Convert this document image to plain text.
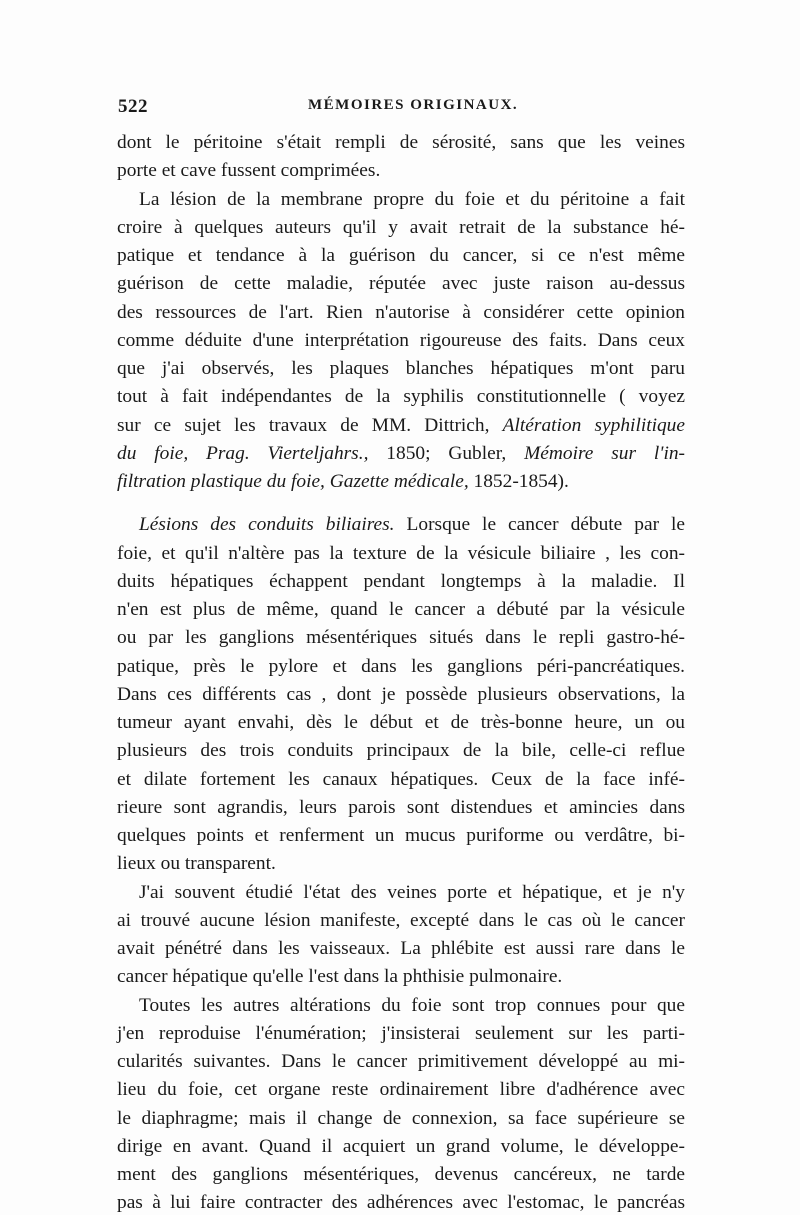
522	MÉMOIRES ORIGINAUX.
dont le péritoine s'était rempli de sérosité, sans que les veines
porte et cave fussent comprimées.
La lésion de la membrane propre du foie et du péritoine a fait
croire à quelques auteurs qu'il y avait retrait de la substance hé-
patique et tendance à la guérison du cancer, si ce n'est même
guérison de cette maladie, réputée avec juste raison au-dessus
des ressources de l'art. Rien n'autorise à considérer cette opinion
comme déduite d'une interprétation rigoureuse des faits. Dans ceux
que j'ai observés, les plaques blanches hépatiques m'ont paru
tout à fait indépendantes de la syphilis constitutionnelle ( voyez
sur ce sujet les travaux de MM. Dittrich, Altération syphilitique
du foie, Prag. Vierteljahrs., 1850; Gubler, Mémoire sur l'in-
filtration plastique du foie, Gazette médicale, 1852-1854).
Lésions des conduits biliaires. Lorsque le cancer débute par le
foie, et qu'il n'altère pas la texture de la vésicule biliaire , les con-
duits hépatiques échappent pendant longtemps à la maladie. Il
n'en est plus de même, quand le cancer a débuté par la vésicule
ou par les ganglions mésentériques situés dans le repli gastro-hé-
patique, près le pylore et dans les ganglions péri-pancréatiques.
Dans ces différents cas , dont je possède plusieurs observations, la
tumeur ayant envahi, dès le début et de très-bonne heure, un ou
plusieurs des trois conduits principaux de la bile, celle-ci reflue
et dilate fortement les canaux hépatiques. Ceux de la face infé-
rieure sont agrandis, leurs parois sont distendues et amincies dans
quelques points et renferment un mucus puriforme ou verdâtre, bi-
lieux ou transparent.
J'ai souvent étudié l'état des veines porte et hépatique, et je n'y
ai trouvé aucune lésion manifeste, excepté dans le cas où le cancer
avait pénétré dans les vaisseaux. La phlébite est aussi rare dans le
cancer hépatique qu'elle l'est dans la phthisie pulmonaire.
Toutes les autres altérations du foie sont trop connues pour que
j'en reproduise l'énumération; j'insisterai seulement sur les parti-
cularités suivantes. Dans le cancer primitivement développé au mi-
lieu du foie, cet organe reste ordinairement libre d'adhérence avec
le diaphragme; mais il change de connexion, sa face supérieure se
dirige en avant. Quand il acquiert un grand volume, le développe-
ment des ganglions mésentériques, devenus cancéreux, ne tarde
pas à lui faire contracter des adhérences avec l'estomac, le pancréas
